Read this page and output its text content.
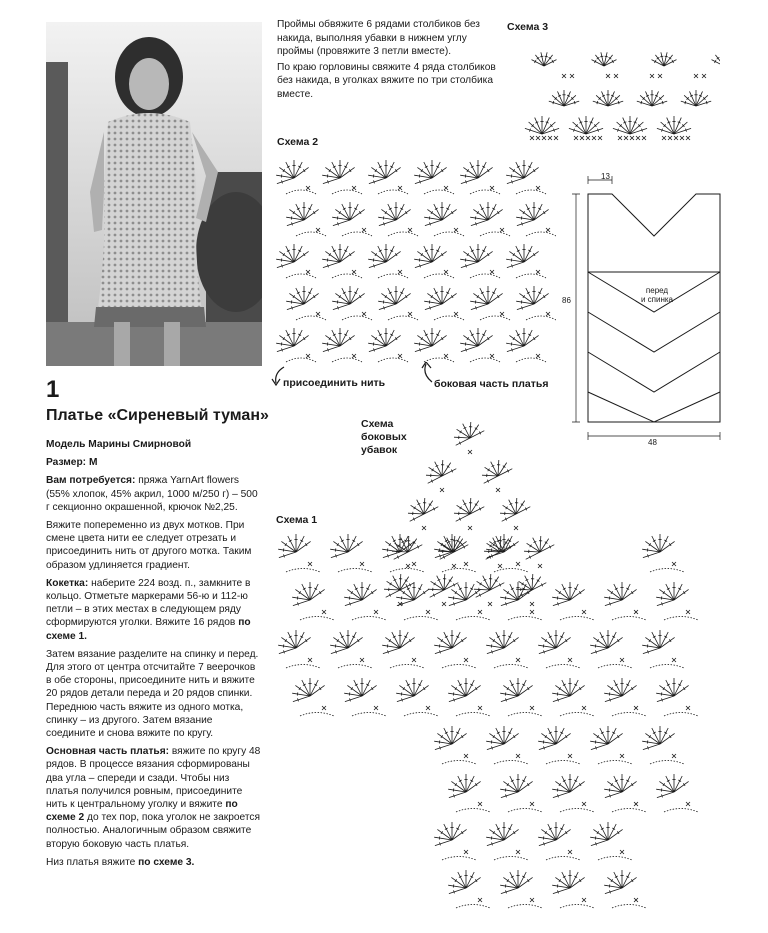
1
Платье «Сиреневый туман»

Модель Марины Смирновой

Размер: М

Вам потребуется: пряжа YarnArt flowers (55% хлопок, 45% акрил, 1000 м/250 г) – 500 г секционно окрашенной, крючок №2,25.

Вяжите попеременно из двух мотков. При смене цвета нити ее следует отрезать и присоединить нить от другого мотка. Таким образом удлиняется градиент.

Кокетка: наберите 224 возд. п., замкните в кольцо. Отметьте маркерами 56-ю и 112-ю петли – в этих местах в следующем ряду сформируются уголки. Вяжите 16 рядов по схеме 1.

Затем вязание разделите на спинку и перед. Для этого от центра отсчитайте 7 веерочков в обе стороны, присоедините нить и вяжите 20 рядов детали переда и 20 рядов спинки. Переднюю часть вяжите из одного мотка, спинку – из другого. Затем вязание соедините и снова вяжите по кругу.

Основная часть платья: вяжите по кругу 48 рядов. В процессе вязания сформированы два угла – спереди и сзади. Чтобы низ платья получился ровным, присоедините нить к центральному уголку и вяжите по схеме 2 до тех пор, пока уголок не закроется полностью. Аналогичным образом свяжите вторую боковую часть платья.

Низ платья вяжите по схеме 3.

Проймы обвяжите 6 рядами столбиков без накида, выполняя убавки в нижнем углу проймы (провяжите 3 петли вместе).

По краю горловины свяжите 4 ряда столбиков без накида, в уголках вяжите по три столбика вместе.

Схема 3
Схема 2
Схема 1
Схема
боковых
убавок
присоединить нить	боковая часть платья
13
86
48
перед
и спинка
